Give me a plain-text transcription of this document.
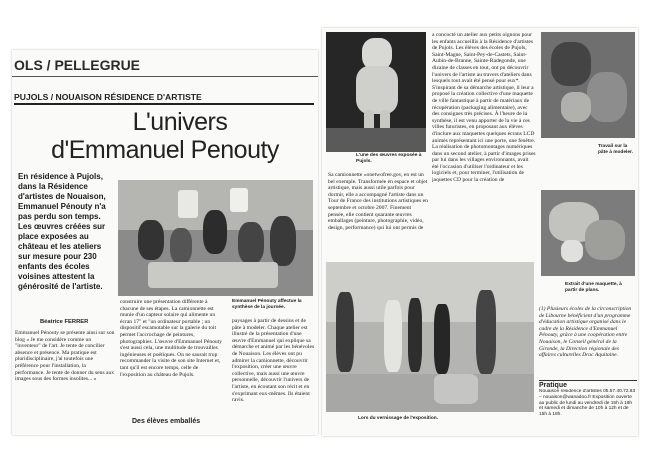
OLS / PELLEGRUE
PUJOLS / NOUAISON RÉSIDENCE D'ARTISTE
L'univers
d'Emmanuel Penouty
En résidence à Pujols, dans la Résidence d'artistes de Nouaison, Emmanuel Pénouty n'a pas perdu son temps. Les œuvres créées sur place exposées au château et les ateliers sur mesure pour 230 enfants des écoles voisines attestent la générosité de l'artiste.
Béatrice FERRER
Emmanuel Pénouty se présente ainsi sur son blog « Je me considère comme un "inventeur" de l'art. Je tente de concilier absence et présence. Ma pratique est pluridisciplinaire, j'ai toutefois une préférence pour l'installation, la performance. Je tente de donner du sens aux images sous des formes insolites... »
Emmanuel Pénouty affectue la synthèse de la journée.
construire une présentation différente à chacune de ses étapes. La camionnette est munie d'un capteur solaire qui alimente un écran 17" et "un ordinateur portable ; un dispositif escamotable sur la galerie du toit permet l'accrochage de peintures, photographies. L'œuvre d'Emmanuel Pénouty s'est aussi cela, une multitude de trouvailles ingénieuses et poétiques. On ne saurait trop recommander la visite de son site Internet et, tant qu'il est encore temps, celle de l'exposition au château de Pujols.
Des élèves emballés
paysages à partir de dessins et de pâte à modeler. Chaque atelier est illustré de la présentation d'une œuvre d'Emmanuel qui explique sa démarche et animé par les bénévoles de Nouaison. Les élèves ont pu admirer la camionnette, découvrir l'exposition, créer une œuvre collective, mais aussi une œuvre personnelle, découvrir l'univers de l'artiste, en écoutant son récit et en s'exprimant eux-mêmes. Ils étaient ravis.
L'une des œuvres exposée à Pujols.
Sa camionnette »onetwofree.gov, en est un bel exemple. Transformée en espace et objet artistique, mais aussi utile parfois pour dormir, elle a accompagné l'artiste dans un Tour de France des institutions artistiques en septembre et octobre 2007. Finement pensée, elle contient quarante œuvres emballages (peinture, photographie, vidéo, design, performance) qui lui ont permis de
a concocté un atelier aux petits oignons pour les enfants accueillis à la Résidence d'artistes de Pujols. Les élèves des écoles de Pujols, Saint-Magne, Saint-Pey-de-Castets, Saint-Aubin-de-Branne, Sainte-Radegonde, une dizaine de classes en tout, ont pu découvrir l'univers de l'artiste au travers d'ateliers dans lesquels tout avait été pensé pour eux*. S'inspirant de sa démarche artistique, il leur a proposé la création collective d'une maquette de ville fantastique à partir de matériaux de récupération (packaging alimentaire), avec des consignes très précises. À l'heure de la synthèse, il est venu apporter de la vie à ces villes futuristes, en proposant aux élèves d'inclure aux maquettes quelques écrans LCD animés représentant ici une porte, une fenêtre. La réalisation de photomontages numériques dans un second atelier, à partir d'images prises par lui dans les villages environnants, avait été l'occasion d'utiliser l'ordinateur et les logiciels et, pour terminer, l'utilisation de jaquettes CD pour la création de
Travail sur la pâte à modeler.
Extrait d'une maquette, à partir de plans.
Lors du vernissage de l'exposition.
(1) Plusieurs écoles de la circonscription de Libourne bénéficient d'un programme d'éducation artistique organisé dans le cadre de la Résidence d'Emmanuel Pénouty, grâce à une coopération entre Nouaison, le Conseil général de la Gironde, la Direction régionale des affaires culturelles Drac Aquitaine.
Pratique
Nouaison résidence d'artistes 05.57.40.72.83 – nouaison@wanadoo.fr Exposition ouverte au public de lundi au vendredi de 15h à 18h et samedi et dimanche de 10h à 12h et de 15h à 18h.
